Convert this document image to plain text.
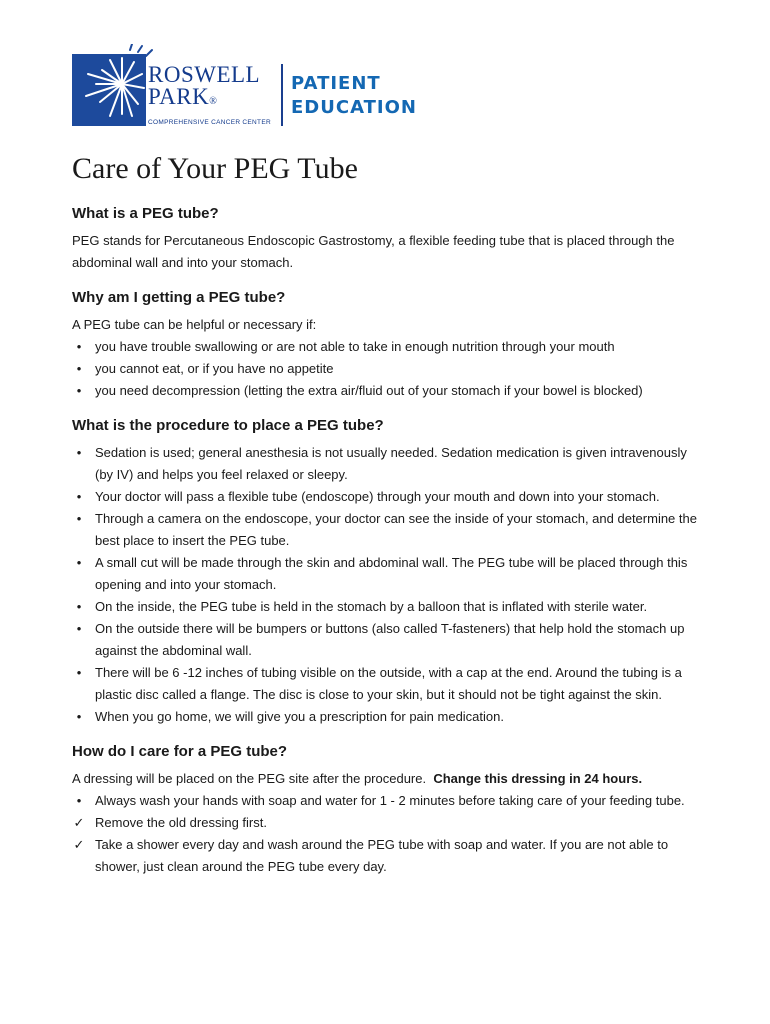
ROSWELL
PARK®
COMPREHENSIVE CANCER CENTER
PATIENT
EDUCATION
Care of Your PEG Tube
What is a PEG tube?

PEG stands for Percutaneous Endoscopic Gastrostomy, a flexible feeding tube that is placed through the abdominal wall and into your stomach.

Why am I getting a PEG tube?

A PEG tube can be helpful or necessary if:

•	you have trouble swallowing or are not able to take in enough nutrition through your mouth
•	you cannot eat, or if you have no appetite
•	you need decompression (letting the extra air/fluid out of your stomach if your bowel is blocked)
What is the procedure to place a PEG tube?
•	Sedation is used; general anesthesia is not usually needed. Sedation medication is given intravenously (by IV) and helps you feel relaxed or sleepy.
•	Your doctor will pass a flexible tube (endoscope) through your mouth and down into your stomach.
•	Through a camera on the endoscope, your doctor can see the inside of your stomach, and determine the best place to insert the PEG tube.
•	A small cut will be made through the skin and abdominal wall. The PEG tube will be placed through this opening and into your stomach.
•	On the inside, the PEG tube is held in the stomach by a balloon that is inflated with sterile water.
•	On the outside there will be bumpers or buttons (also called T-fasteners) that help hold the stomach up against the abdominal wall.
•	There will be 6 -12 inches of tubing visible on the outside, with a cap at the end. Around the tubing is a plastic disc called a flange. The disc is close to your skin, but it should not be tight against the skin.
•	When you go home, we will give you a prescription for pain medication.
How do I care for a PEG tube?

A dressing will be placed on the PEG site after the procedure. Change this dressing in 24 hours.

•	Always wash your hands with soap and water for 1 - 2 minutes before taking care of your feeding tube.
✓ Remove the old dressing first.
✓ Take a shower every day and wash around the PEG tube with soap and water. If you are not able to shower, just clean around the PEG tube every day.
